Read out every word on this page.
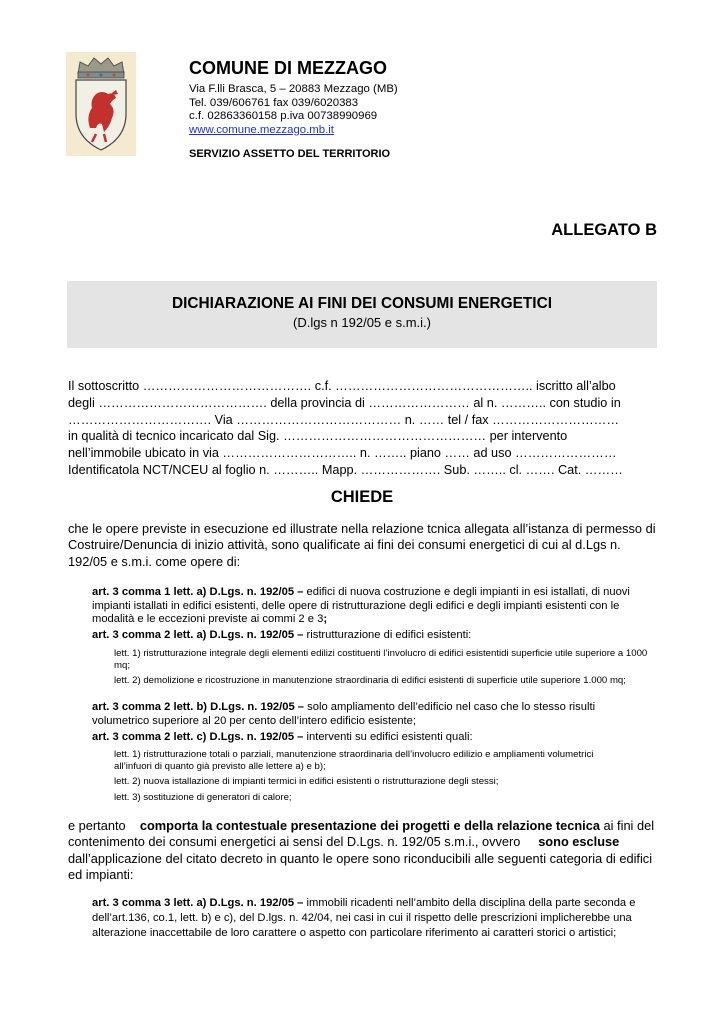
COMUNE DI MEZZAGO
Via F.lli Brasca, 5 – 20883 Mezzago (MB)
Tel. 039/606761 fax 039/6020383
c.f. 02863360158 p.iva 00738990969
www.comune.mezzago.mb.it
SERVIZIO ASSETTO DEL TERRITORIO
ALLEGATO B
DICHIARAZIONE AI FINI DEI CONSUMI ENERGETICI
(D.lgs n 192/05 e s.m.i.)
Il sottoscritto …………………………………. c.f. ……………………………………….. iscritto all’albo
degli …………………………………. della provincia di …………………… al n. ……….. con studio in
……………………………. Via ………………………………… n. …… tel / fax …………………………
in qualità di tecnico incaricato dal Sig. ………………………………………… per intervento
nell’immobile ubicato in via ………………………….. n. …….. piano …… ad uso ……………………
Identificatola NCT/NCEU al foglio n. ……….. Mapp. ………………. Sub. …….. cl. ……. Cat. ………
CHIEDE
che le opere previste in esecuzione ed illustrate nella relazione tcnica allegata all’istanza di permesso di Costruire/Denuncia di inizio attività, sono qualificate ai fini dei consumi energetici di cui al d.Lgs n. 192/05 e s.m.i. come opere di:
art. 3 comma 1 lett. a) D.Lgs. n. 192/05 – edifici di nuova costruzione e degli impianti in esi istallati, di nuovi impianti istallati in edifici esistenti, delle opere di ristrutturazione degli edifici e degli impianti esistenti con le modalità e le eccezioni previste ai commi 2 e 3;
art. 3 comma 2 lett. a) D.Lgs. n. 192/05 – ristrutturazione di edifici esistenti:
lett. 1) ristrutturazione integrale degli elementi edilizi costituenti l’involucro di edifici esistentidi superficie utile superiore a 1000 mq;
lett. 2) demolizione e ricostruzione in manutenzione straordinaria di edifici esistenti di superficie utile superiore 1.000 mq;
art. 3 comma 2 lett. b) D.Lgs. n. 192/05 – solo ampliamento dell’edificio nel caso che lo stesso risulti volumetrico superiore al 20 per cento dell’intero edificio esistente;
art. 3 comma 2 lett. c) D.Lgs. n. 192/05 – interventi su edifici esistenti quali:
lett. 1) ristrutturazione totali o parziali, manutenzione straordinaria dell’involucro edilizio e ampliamenti volumetrici all’infuori di quanto già previsto alle lettere a) e b);
lett. 2) nuova istallazione di impianti termici in edifici esistenti o ristrutturazione degli stessi;
lett. 3) sostituzione di generatori di calore;
e pertanto    comporta la contestuale presentazione dei progetti e della relazione tecnica ai fini del contenimento dei consumi energetici ai sensi del D.Lgs. n. 192/05 s.m.i., ovvero     sono escluse dall’applicazione del citato decreto in quanto le opere sono riconducibili alle seguenti categoria di edifici ed impianti:
art. 3 comma 3 lett. a) D.Lgs. n. 192/05 – immobili ricadenti nell’ambito della disciplina della parte seconda e dell’art.136, co.1, lett. b) e c), del D.lgs. n. 42/04, nei casi in cui il rispetto delle prescrizioni implicherebbe una alterazione inaccettabile de loro carattere o aspetto con particolare riferimento ai caratteri storici o artistici;
